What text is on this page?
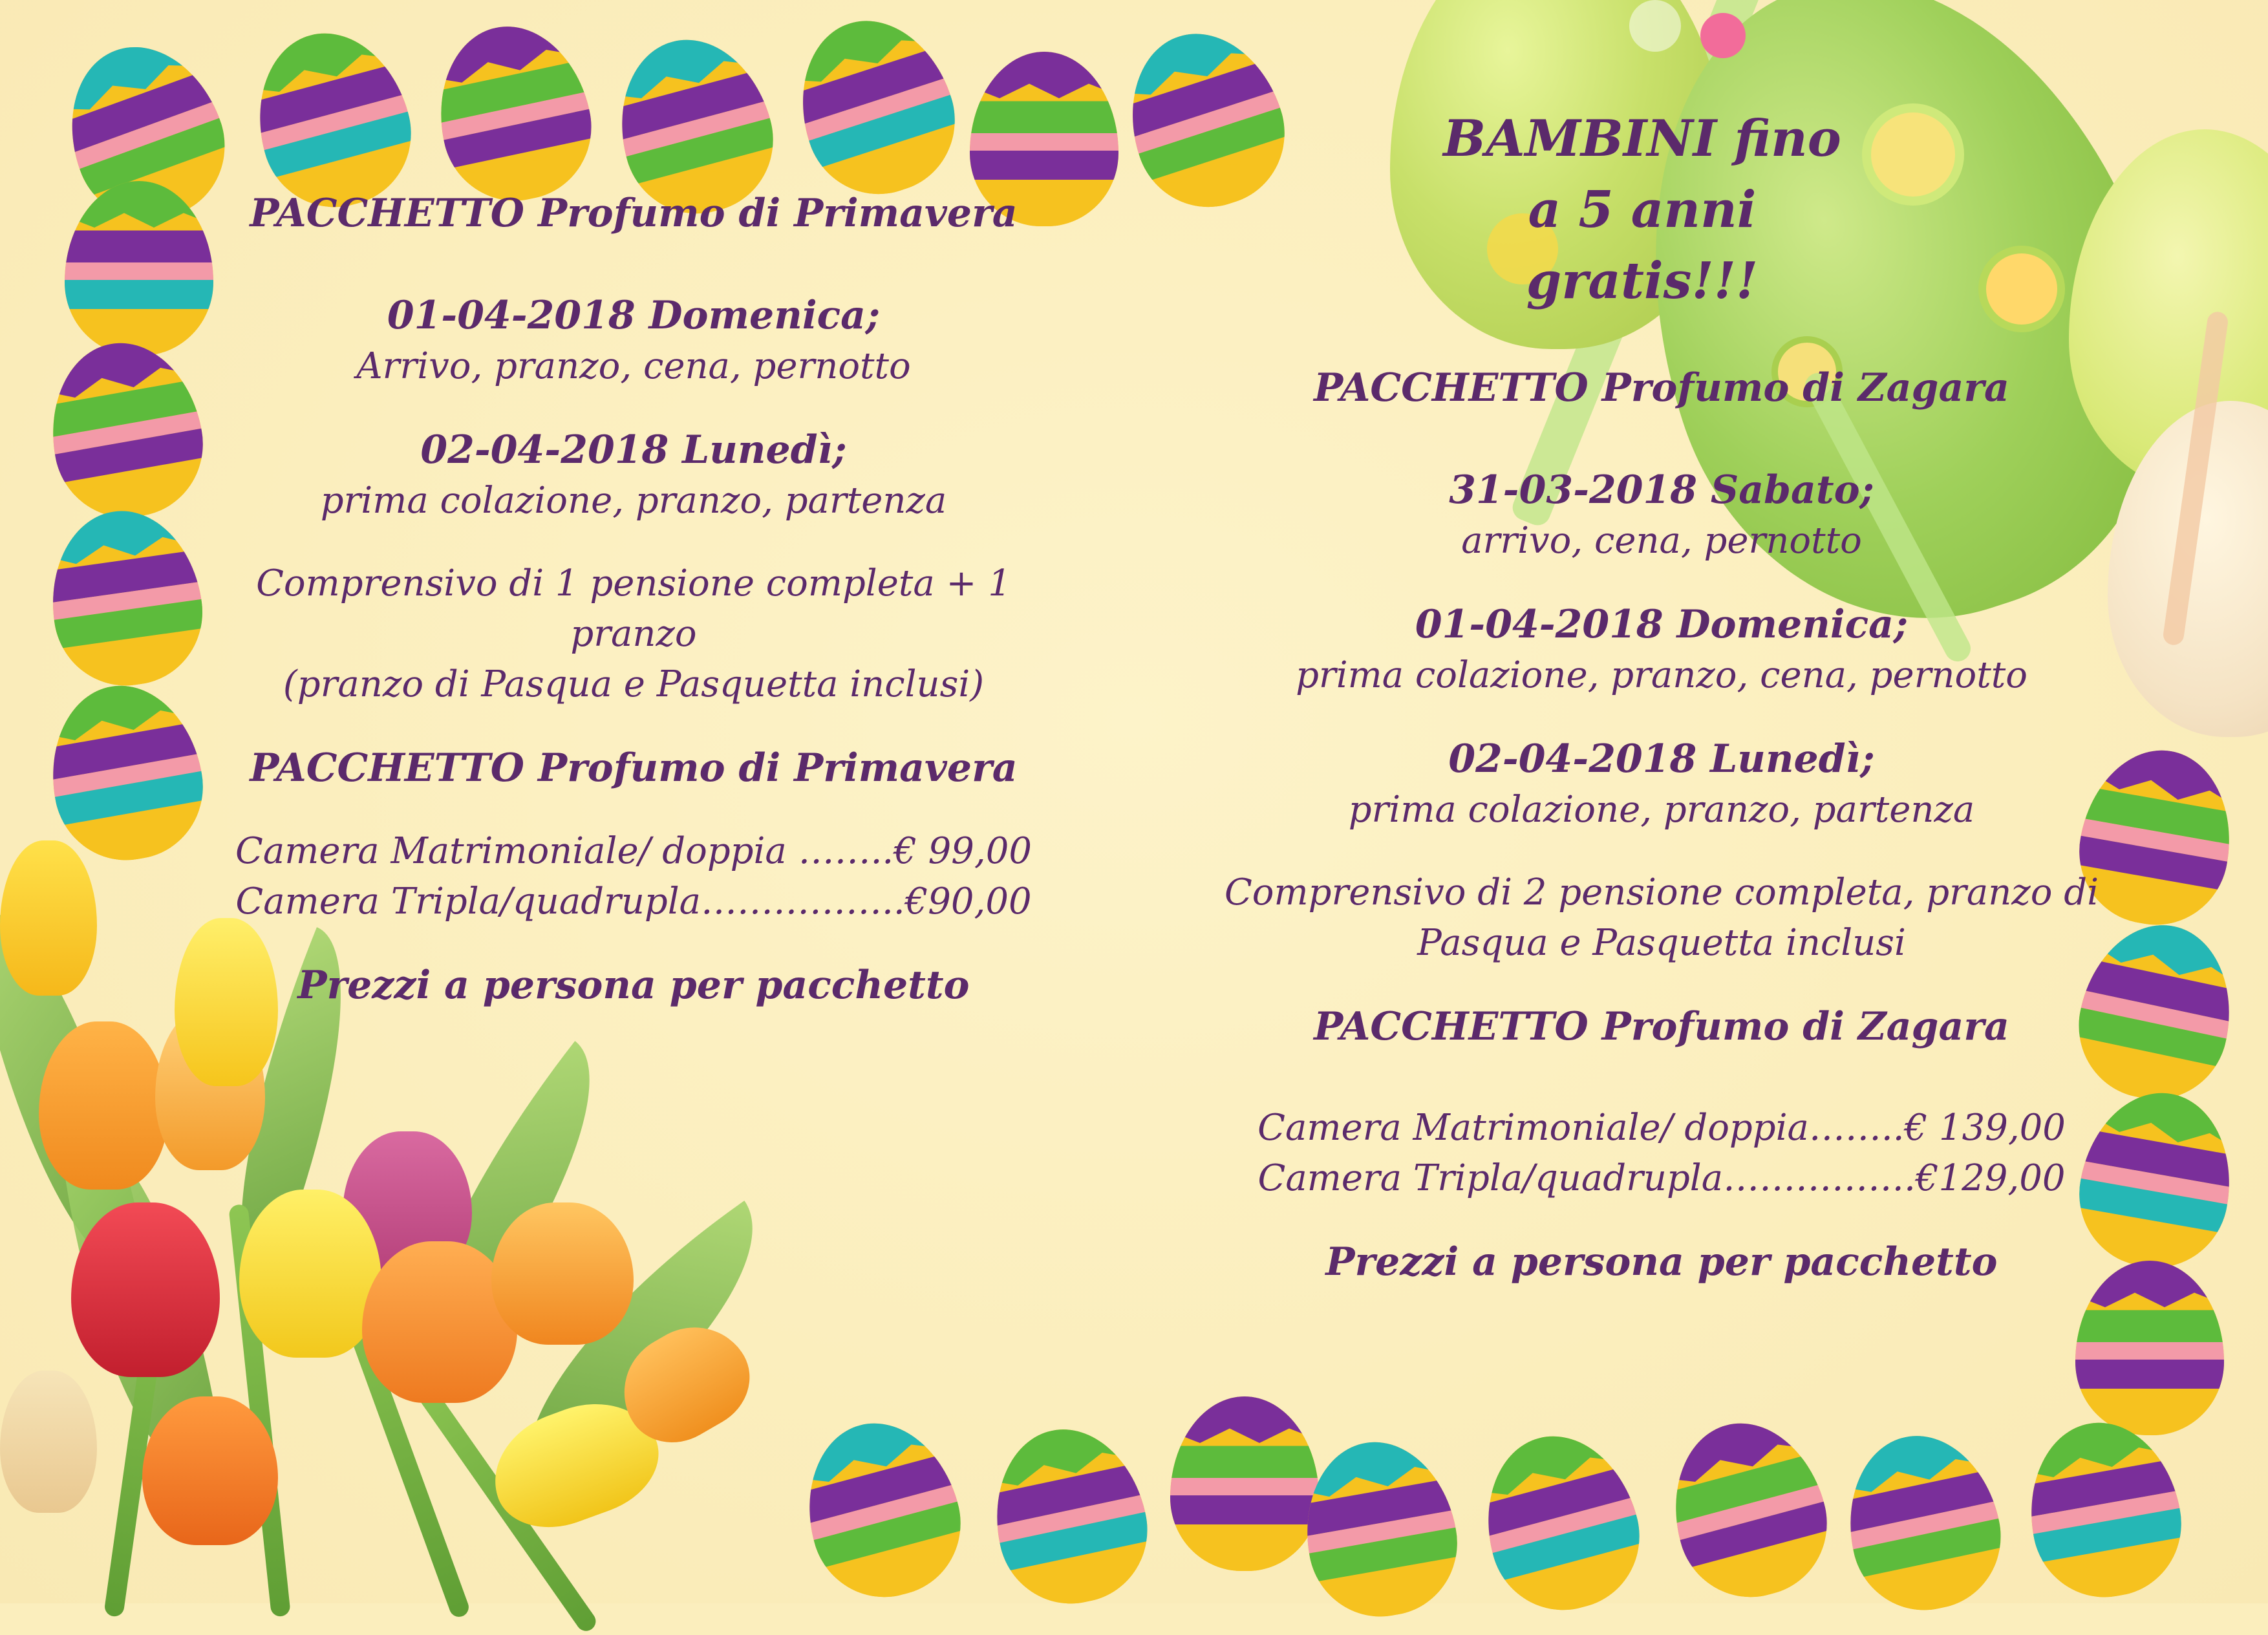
BAMBINI fino
a 5 anni
gratis!!!

PACCHETTO Profumo di Primavera

01-04-2018 Domenica;

Arrivo, pranzo, cena, pernotto

02-04-2018 Lunedì;

prima colazione, pranzo, partenza

Comprensivo di 1 pensione completa + 1

pranzo

(pranzo di Pasqua e Pasquetta inclusi)

PACCHETTO Profumo di Primavera

Camera Matrimoniale/ doppia ……..€ 99,00

Camera Tripla/quadrupla……………..€90,00

Prezzi a persona per pacchetto

PACCHETTO Profumo di Zagara

31-03-2018 Sabato;

arrivo, cena, pernotto

01-04-2018 Domenica;

prima colazione, pranzo, cena, pernotto

02-04-2018 Lunedì;

prima colazione, pranzo, partenza

Comprensivo di 2 pensione completa, pranzo di

Pasqua e Pasquetta inclusi

PACCHETTO Profumo di Zagara

Camera Matrimoniale/ doppia……..€ 139,00

Camera Tripla/quadrupla…………….€129,00

Prezzi a persona per pacchetto
